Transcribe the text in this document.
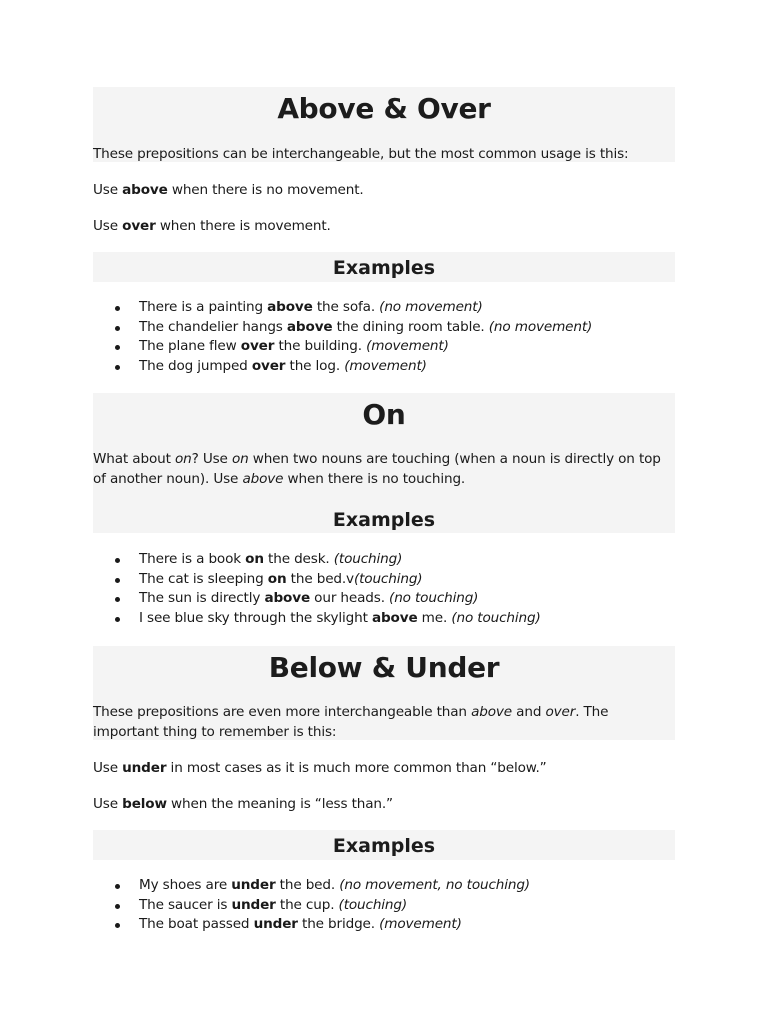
Above & Over
These prepositions can be interchangeable, but the most common usage is this:
Use above when there is no movement.
Use over when there is movement.
Examples
There is a painting above the sofa. (no movement)
The chandelier hangs above the dining room table. (no movement)
The plane flew over the building. (movement)
The dog jumped over the log. (movement)
On
What about on? Use on when two nouns are touching (when a noun is directly on top of another noun). Use above when there is no touching.
Examples
There is a book on the desk. (touching)
The cat is sleeping on the bed.v(touching)
The sun is directly above our heads. (no touching)
I see blue sky through the skylight above me. (no touching)
Below & Under
These prepositions are even more interchangeable than above and over. The important thing to remember is this:
Use under in most cases as it is much more common than “below.”
Use below when the meaning is “less than.”
Examples
My shoes are under the bed. (no movement, no touching)
The saucer is under the cup. (touching)
The boat passed under the bridge. (movement)
